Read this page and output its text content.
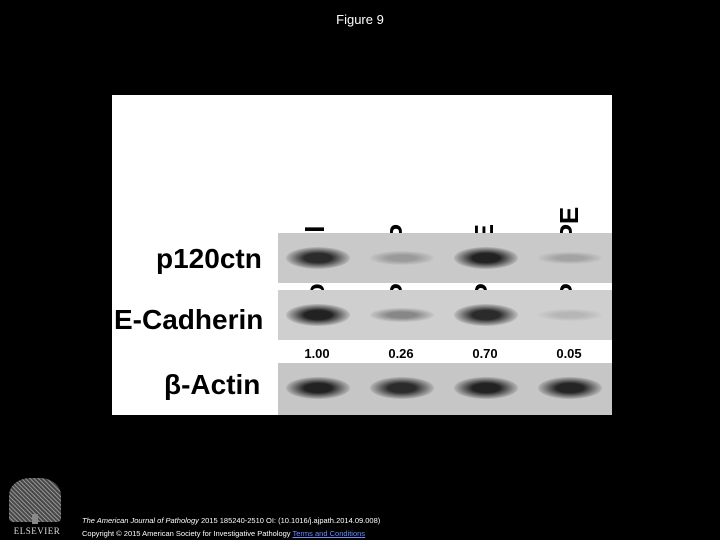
Figure 9
p120ctn
E-Cadherin
β-Actin
1.00	0.26	0.70	0.05
ELSEVIER
The American Journal of Pathology 2015 185240-2510 OI: (10.1016/j.ajpath.2014.09.008)
Copyright © 2015 American Society for Investigative Pathology Terms and Conditions
